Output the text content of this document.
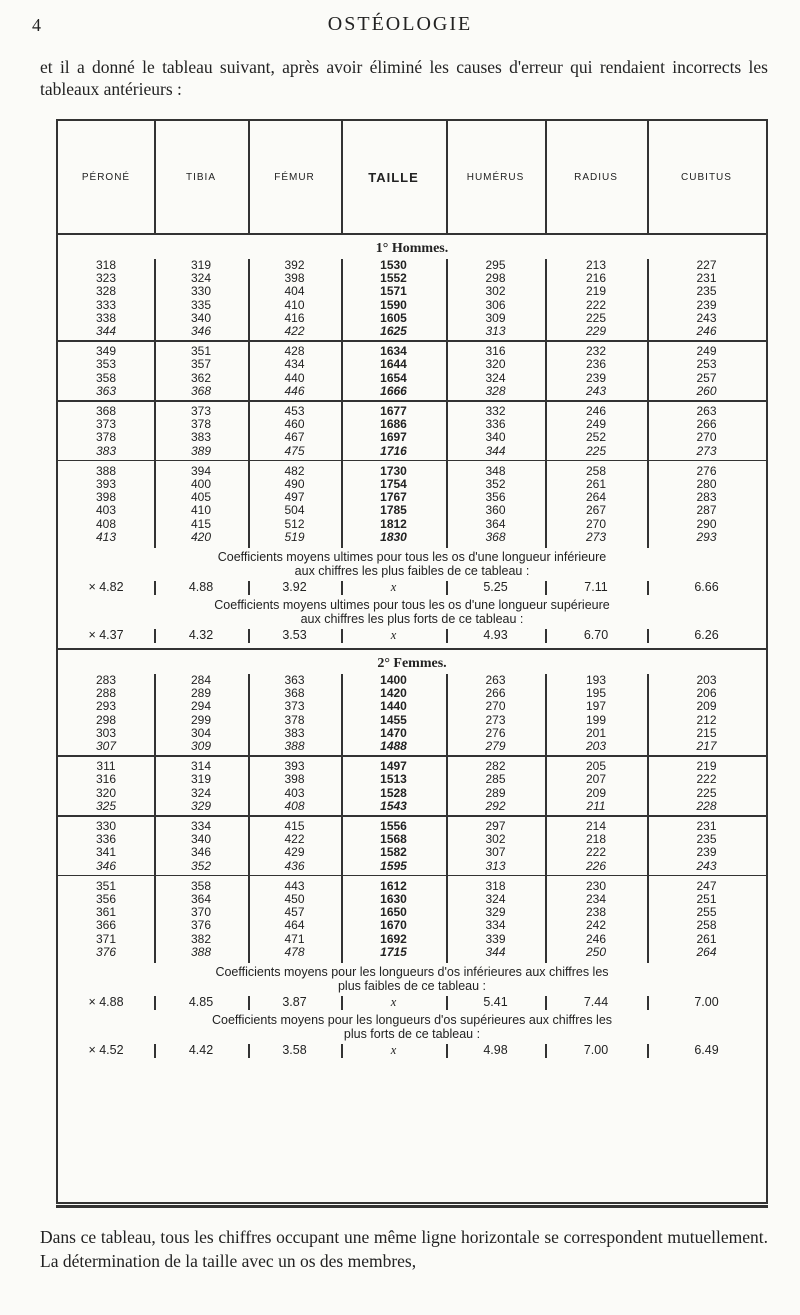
4	OSTÉOLOGIE
et il a donné le tableau suivant, après avoir éliminé les causes d'erreur qui rendaient incorrects les tableaux antérieurs :
PÉRONÉ	TIBIA	FÉMUR	TAILLE	HUMÉRUS	RADIUS	CUBITUS
1° Hommes.
318	319	392	1530	295	213	227
323	324	398	1552	298	216	231
328	330	404	1571	302	219	235
333	335	410	1590	306	222	239
338	340	416	1605	309	225	243
344	346	422	1625	313	229	246
349	351	428	1634	316	232	249
353	357	434	1644	320	236	253
358	362	440	1654	324	239	257
363	368	446	1666	328	243	260
368	373	453	1677	332	246	263
373	378	460	1686	336	249	266
378	383	467	1697	340	252	270
383	389	475	1716	344	225	273
388	394	482	1730	348	258	276
393	400	490	1754	352	261	280
398	405	497	1767	356	264	283
403	410	504	1785	360	267	287
408	415	512	1812	364	270	290
413	420	519	1830	368	273	293
Coefficients moyens ultimes pour tous les os d'une longueur inférieure aux chiffres les plus faibles de ce tableau :
× 4.82	4.88	3.92	x	5.25	7.11	6.66
Coefficients moyens ultimes pour tous les os d'une longueur supérieure aux chiffres les plus forts de ce tableau :
× 4.37	4.32	3.53	x	4.93	6.70	6.26
2° Femmes.
283	284	363	1400	263	193	203
288	289	368	1420	266	195	206
293	294	373	1440	270	197	209
298	299	378	1455	273	199	212
303	304	383	1470	276	201	215
307	309	388	1488	279	203	217
311	314	393	1497	282	205	219
316	319	398	1513	285	207	222
320	324	403	1528	289	209	225
325	329	408	1543	292	211	228
330	334	415	1556	297	214	231
336	340	422	1568	302	218	235
341	346	429	1582	307	222	239
346	352	436	1595	313	226	243
351	358	443	1612	318	230	247
356	364	450	1630	324	234	251
361	370	457	1650	329	238	255
366	376	464	1670	334	242	258
371	382	471	1692	339	246	261
376	388	478	1715	344	250	264
Coefficients moyens pour les longueurs d'os inférieures aux chiffres les plus faibles de ce tableau :
× 4.88	4.85	3.87	x	5.41	7.44	7.00
Coefficients moyens pour les longueurs d'os supérieures aux chiffres les plus forts de ce tableau :
× 4.52	4.42	3.58	x	4.98	7.00	6.49
Dans ce tableau, tous les chiffres occupant une même ligne horizontale se correspondent mutuellement. La détermination de la taille avec un os des membres,
